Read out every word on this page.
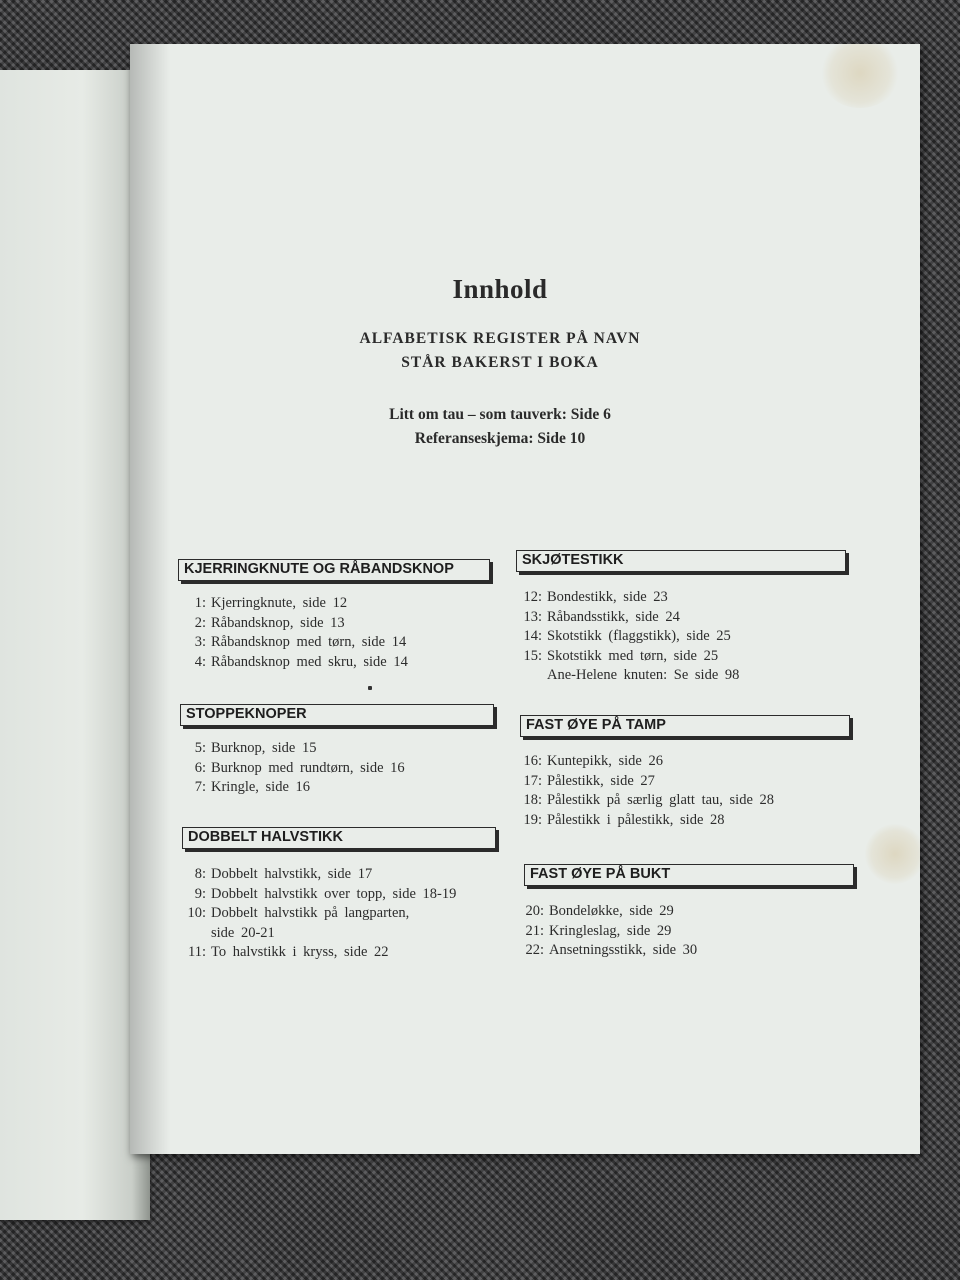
Innhold
ALFABETISK REGISTER PÅ NAVN
STÅR BAKERST I BOKA
Litt om tau – som tauverk: Side 6
Referanseskjema: Side 10
KJERRINGKNUTE OG RÅBANDSKNOP
1: Kjerringknute, side 12
2: Råbandsknop, side 13
3: Råbandsknop med tørn, side 14
4: Råbandsknop med skru, side 14
STOPPEKNOPER
5: Burknop, side 15
6: Burknop med rundtørn, side 16
7: Kringle, side 16
DOBBELT HALVSTIKK
8: Dobbelt halvstikk, side 17
9: Dobbelt halvstikk over topp, side 18-19
10: Dobbelt halvstikk på langparten,
side 20-21
11: To halvstikk i kryss, side 22
SKJØTESTIKK
12: Bondestikk, side 23
13: Råbandsstikk, side 24
14: Skotstikk (flaggstikk), side 25
15: Skotstikk med tørn, side 25
Ane-Helene knuten: Se side 98
FAST ØYE PÅ TAMP
16: Kuntepikk, side 26
17: Pålestikk, side 27
18: Pålestikk på særlig glatt tau, side 28
19: Pålestikk i pålestikk, side 28
FAST ØYE PÅ BUKT
20: Bondeløkke, side 29
21: Kringleslag, side 29
22: Ansetningsstikk, side 30
